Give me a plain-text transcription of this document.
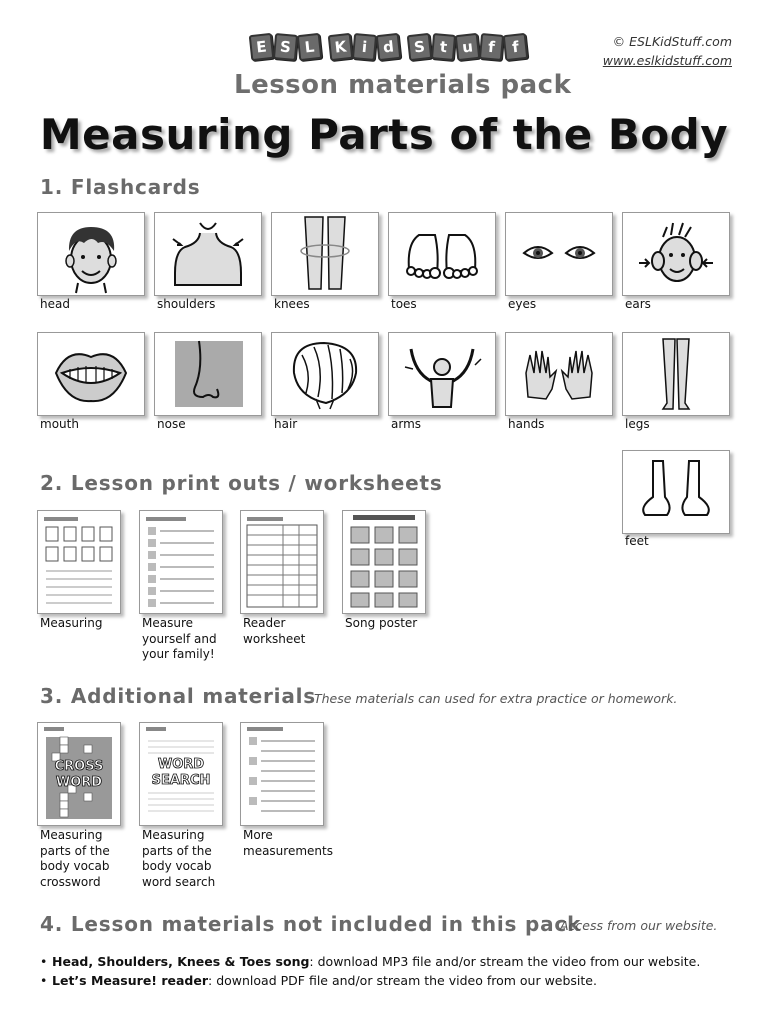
E S L	K i d	S t u f	f
Lesson materials pack
© ESLKidStuff.com
www.eslkidstuff.com
Measuring Parts of the Body
1. Flashcards
head	shoulders	knees	toes	eyes	ears
mouth	nose	hair	arms	hands	legs
feet
2. Lesson print outs / worksheets
Measuring	Measure
yourself and
your family!
Reader
worksheet
Song poster
3. Additional materials
These materials can used for extra practice or homework.
CROSS
WORD
WORD
SEARCH
Measuring
parts of the
body vocab
crossword
Measuring
parts of the
body vocab
word search
More
measurements
4. Lesson materials not included in this pack
Access from our website.
• Head, Shoulders, Knees & Toes song: download MP3 file and/or stream the video from our website.
• Let’s Measure! reader: download PDF file and/or stream the video from our website.
